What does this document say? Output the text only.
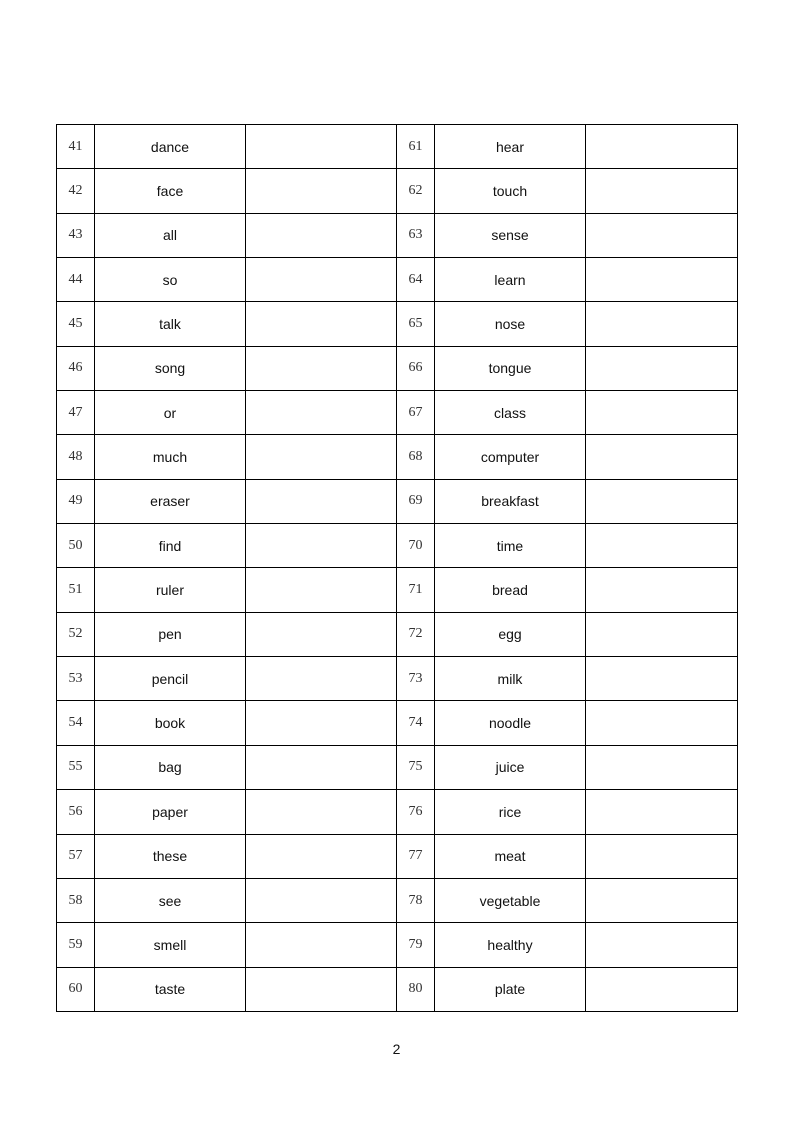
41	dance		61	hear	
42	face		62	touch	
43	all		63	sense	
44	so		64	learn	
45	talk		65	nose	
46	song		66	tongue	
47	or		67	class	
48	much		68	computer	
49	eraser		69	breakfast	
50	find		70	time	
51	ruler		71	bread	
52	pen		72	egg	
53	pencil		73	milk	
54	book		74	noodle	
55	bag		75	juice	
56	paper		76	rice	
57	these		77	meat	
58	see		78	vegetable	
59	smell		79	healthy	
60	taste		80	plate	
2
